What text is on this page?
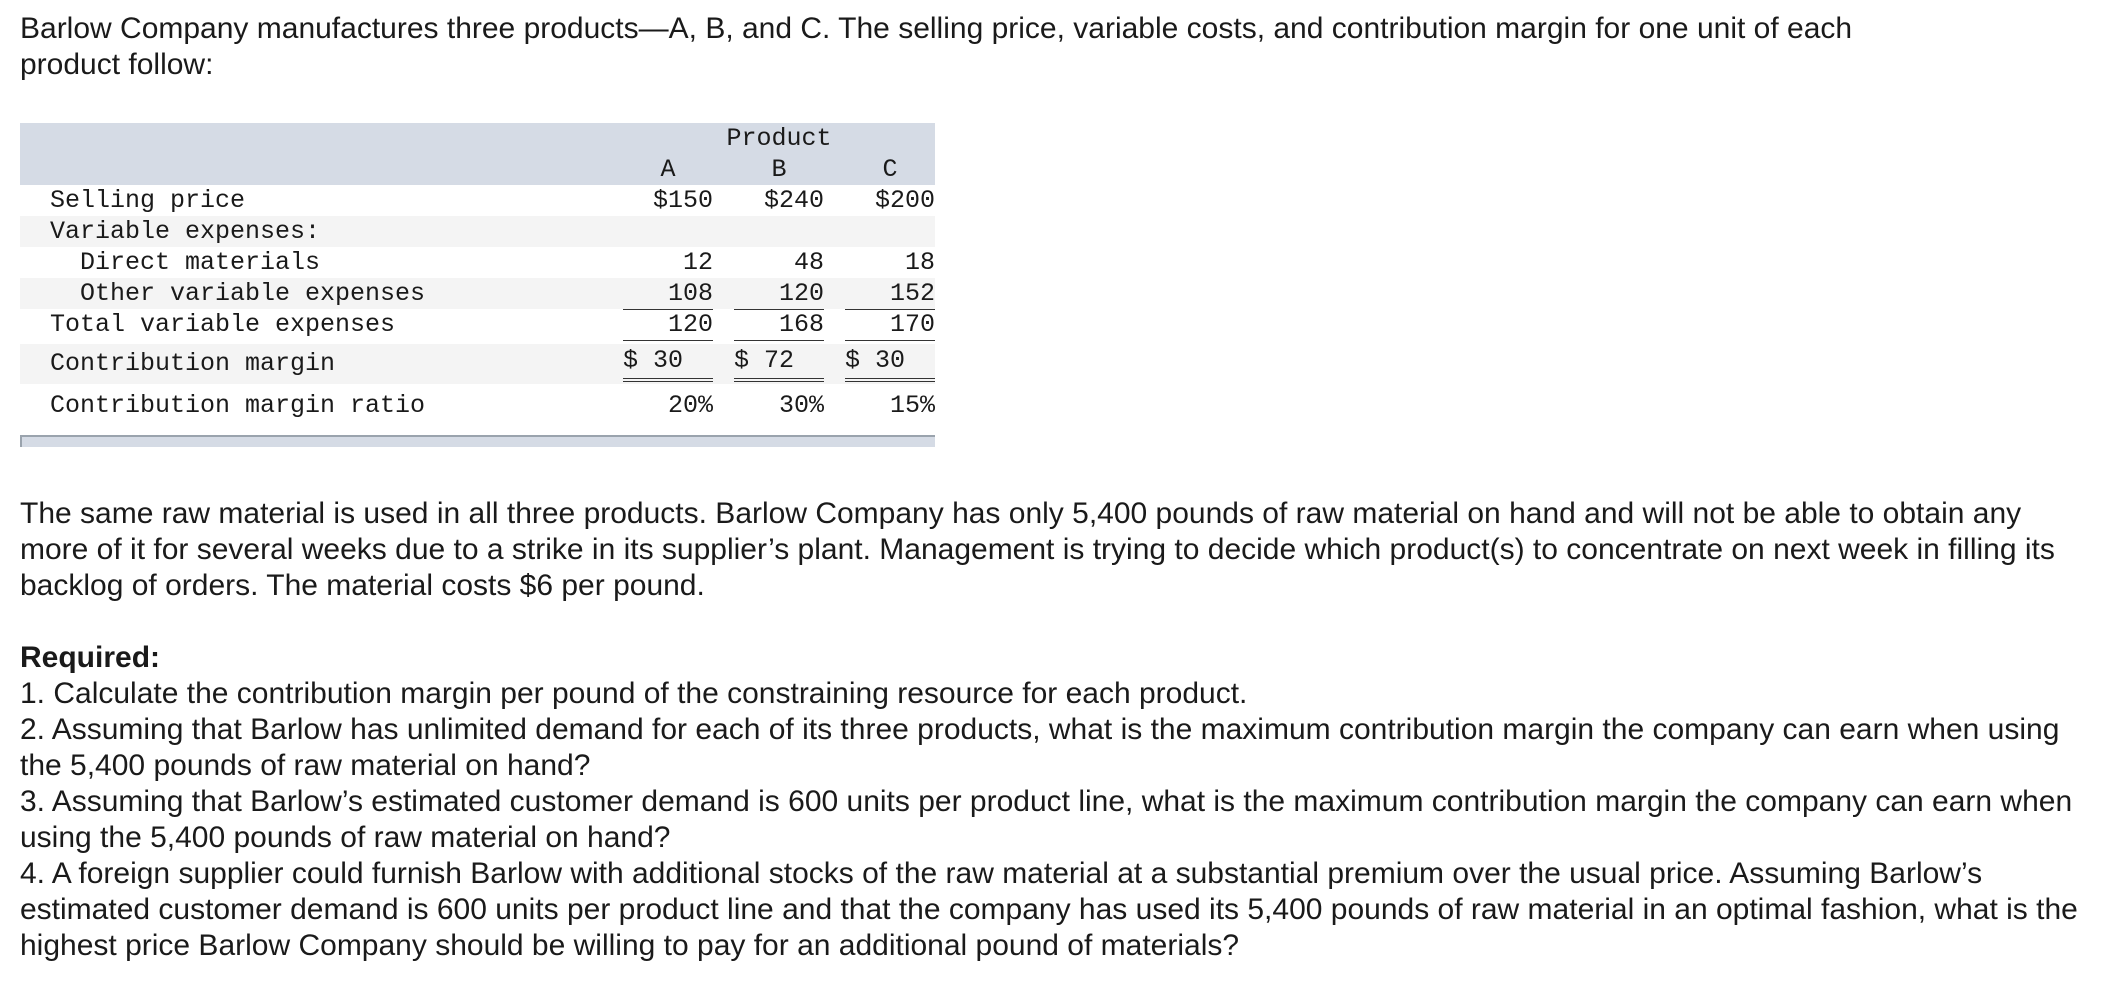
Barlow Company manufactures three products—A, B, and C. The selling price, variable costs, and contribution margin for one unit of each product follow:

Product
A	B	C
Selling price	$150	$240	$200
Variable expenses:
Direct materials	12	48	18
Other variable expenses	108	120	152
Total variable expenses	120	168	170
Contribution margin	$ 30	$ 72	$ 30
Contribution margin ratio	20%	30%	15%

The same raw material is used in all three products. Barlow Company has only 5,400 pounds of raw material on hand and will not be able to obtain any more of it for several weeks due to a strike in its supplier’s plant. Management is trying to decide which product(s) to concentrate on next week in filling its backlog of orders. The material costs $6 per pound.

Required:

1. Calculate the contribution margin per pound of the constraining resource for each product.

2. Assuming that Barlow has unlimited demand for each of its three products, what is the maximum contribution margin the company can earn when using the 5,400 pounds of raw material on hand?

3. Assuming that Barlow’s estimated customer demand is 600 units per product line, what is the maximum contribution margin the company can earn when using the 5,400 pounds of raw material on hand?

4. A foreign supplier could furnish Barlow with additional stocks of the raw material at a substantial premium over the usual price. Assuming Barlow’s estimated customer demand is 600 units per product line and that the company has used its 5,400 pounds of raw material in an optimal fashion, what is the highest price Barlow Company should be willing to pay for an additional pound of materials?
